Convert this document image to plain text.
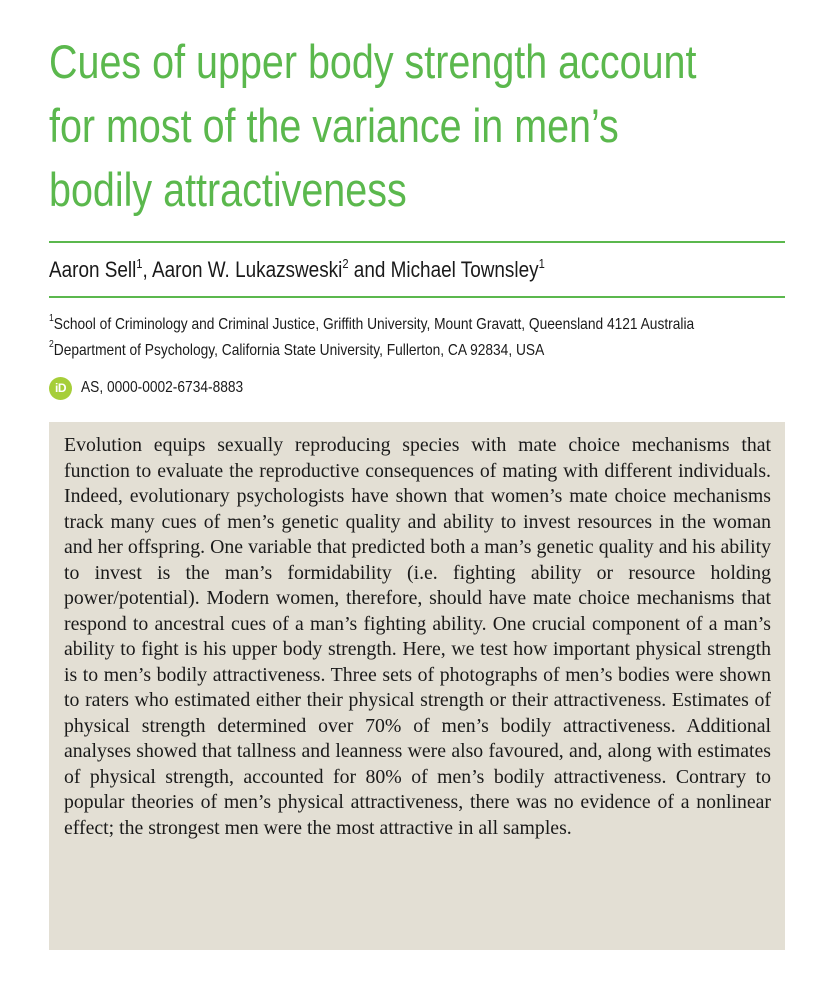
Cues of upper body strength account
for most of the variance in men’s
bodily attractiveness
Aaron Sell$^1$, Aaron W. Lukazsweski$^2$ and Michael Townsley$^1$
$^1$School of Criminology and Criminal Justice, Griffith University, Mount Gravatt, Queensland 4121 Australia
$^2$Department of Psychology, California State University, Fullerton, CA 92834, USA
iD AS, 0000-0002-6734-8883

Evolution equips sexually reproducing species with mate choice mechanisms that function to evaluate the reproductive consequences of mating with different individuals. Indeed, evolutionary psychologists have shown that women’s mate choice mechanisms track many cues of men’s genetic quality and ability to invest resources in the woman and her offspring. One variable that predicted both a man’s genetic quality and his ability to invest is the man’s formidability (i.e. fighting ability or resource holding power/potential). Modern women, therefore, should have mate choice mechanisms that respond to ancestral cues of a man’s fighting ability. One crucial component of a man’s ability to fight is his upper body strength. Here, we test how important physical strength is to men’s bodily attractiveness. Three sets of photographs of men’s bodies were shown to raters who estimated either their physical strength or their attractiveness. Estimates of physical strength determined over 70% of men’s bodily attractiveness. Additional analyses showed that tallness and leanness were also favoured, and, along with estimates of physical strength, accounted for 80% of men’s bodily attractiveness. Contrary to popular theories of men’s physical attractiveness, there was no evidence of a nonlinear effect; the strongest men were the most attractive in all samples.
